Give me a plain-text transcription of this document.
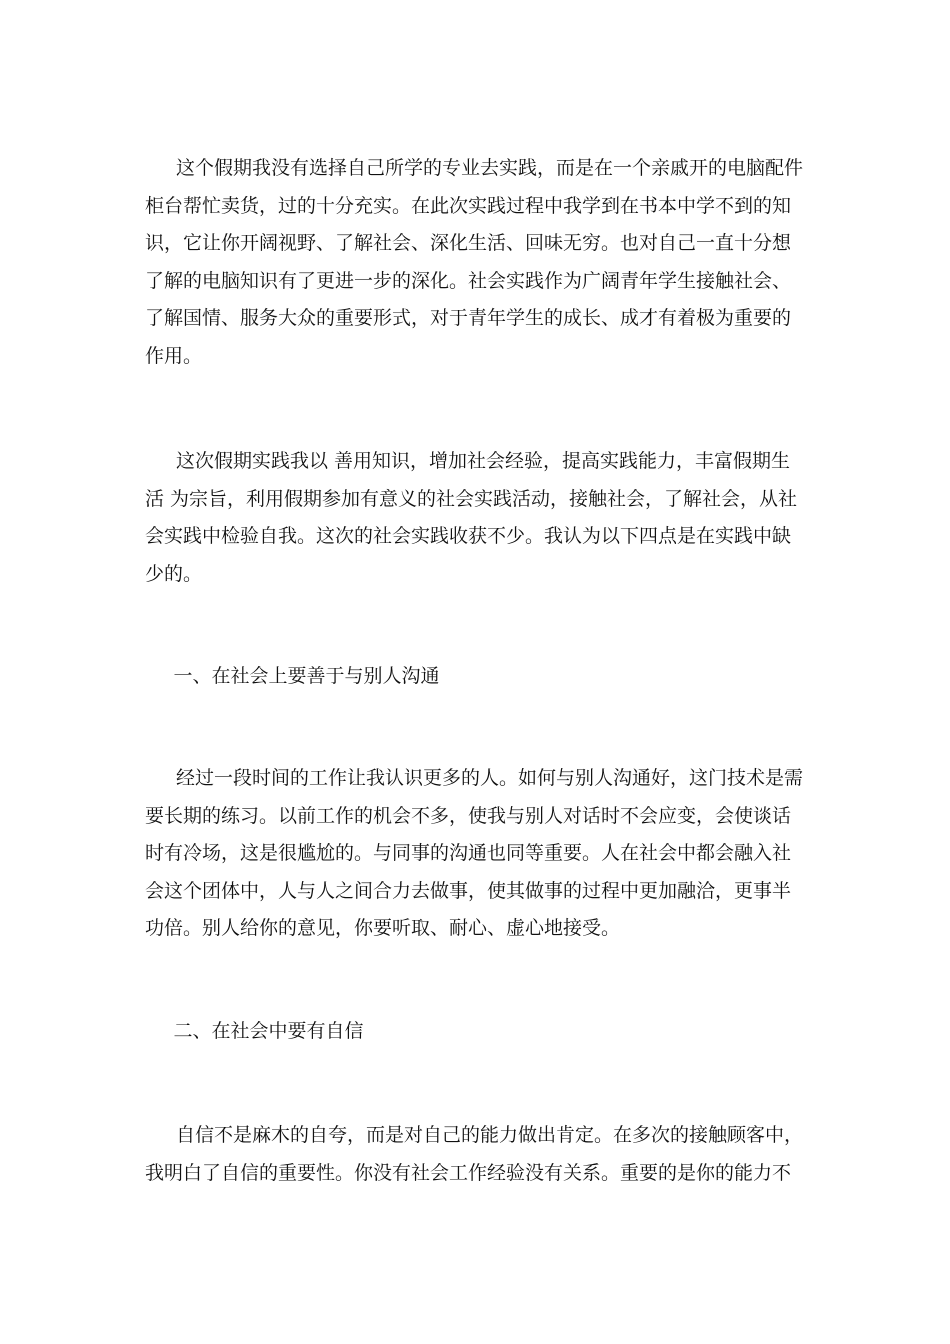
这个假期我没有选择自己所学的专业去实践，而是在一个亲戚开的电脑配件
柜台帮忙卖货，过的十分充实。在此次实践过程中我学到在书本中学不到的知
识，它让你开阔视野、了解社会、深化生活、回味无穷。也对自己一直十分想
了解的电脑知识有了更进一步的深化。社会实践作为广阔青年学生接触社会、
了解国情、服务大众的重要形式，对于青年学生的成长、成才有着极为重要的
作用。
这次假期实践我以 善用知识，增加社会经验，提高实践能力，丰富假期生
活 为宗旨，利用假期参加有意义的社会实践活动，接触社会，了解社会，从社
会实践中检验自我。这次的社会实践收获不少。我认为以下四点是在实践中缺
少的。
一、在社会上要善于与别人沟通
经过一段时间的工作让我认识更多的人。如何与别人沟通好，这门技术是需
要长期的练习。以前工作的机会不多，使我与别人对话时不会应变，会使谈话
时有冷场，这是很尴尬的。与同事的沟通也同等重要。人在社会中都会融入社
会这个团体中，人与人之间合力去做事，使其做事的过程中更加融洽，更事半
功倍。别人给你的意见，你要听取、耐心、虚心地接受。
二、在社会中要有自信
自信不是麻木的自夸，而是对自己的能力做出肯定。在多次的接触顾客中，
我明白了自信的重要性。你没有社会工作经验没有关系。重要的是你的能力不
